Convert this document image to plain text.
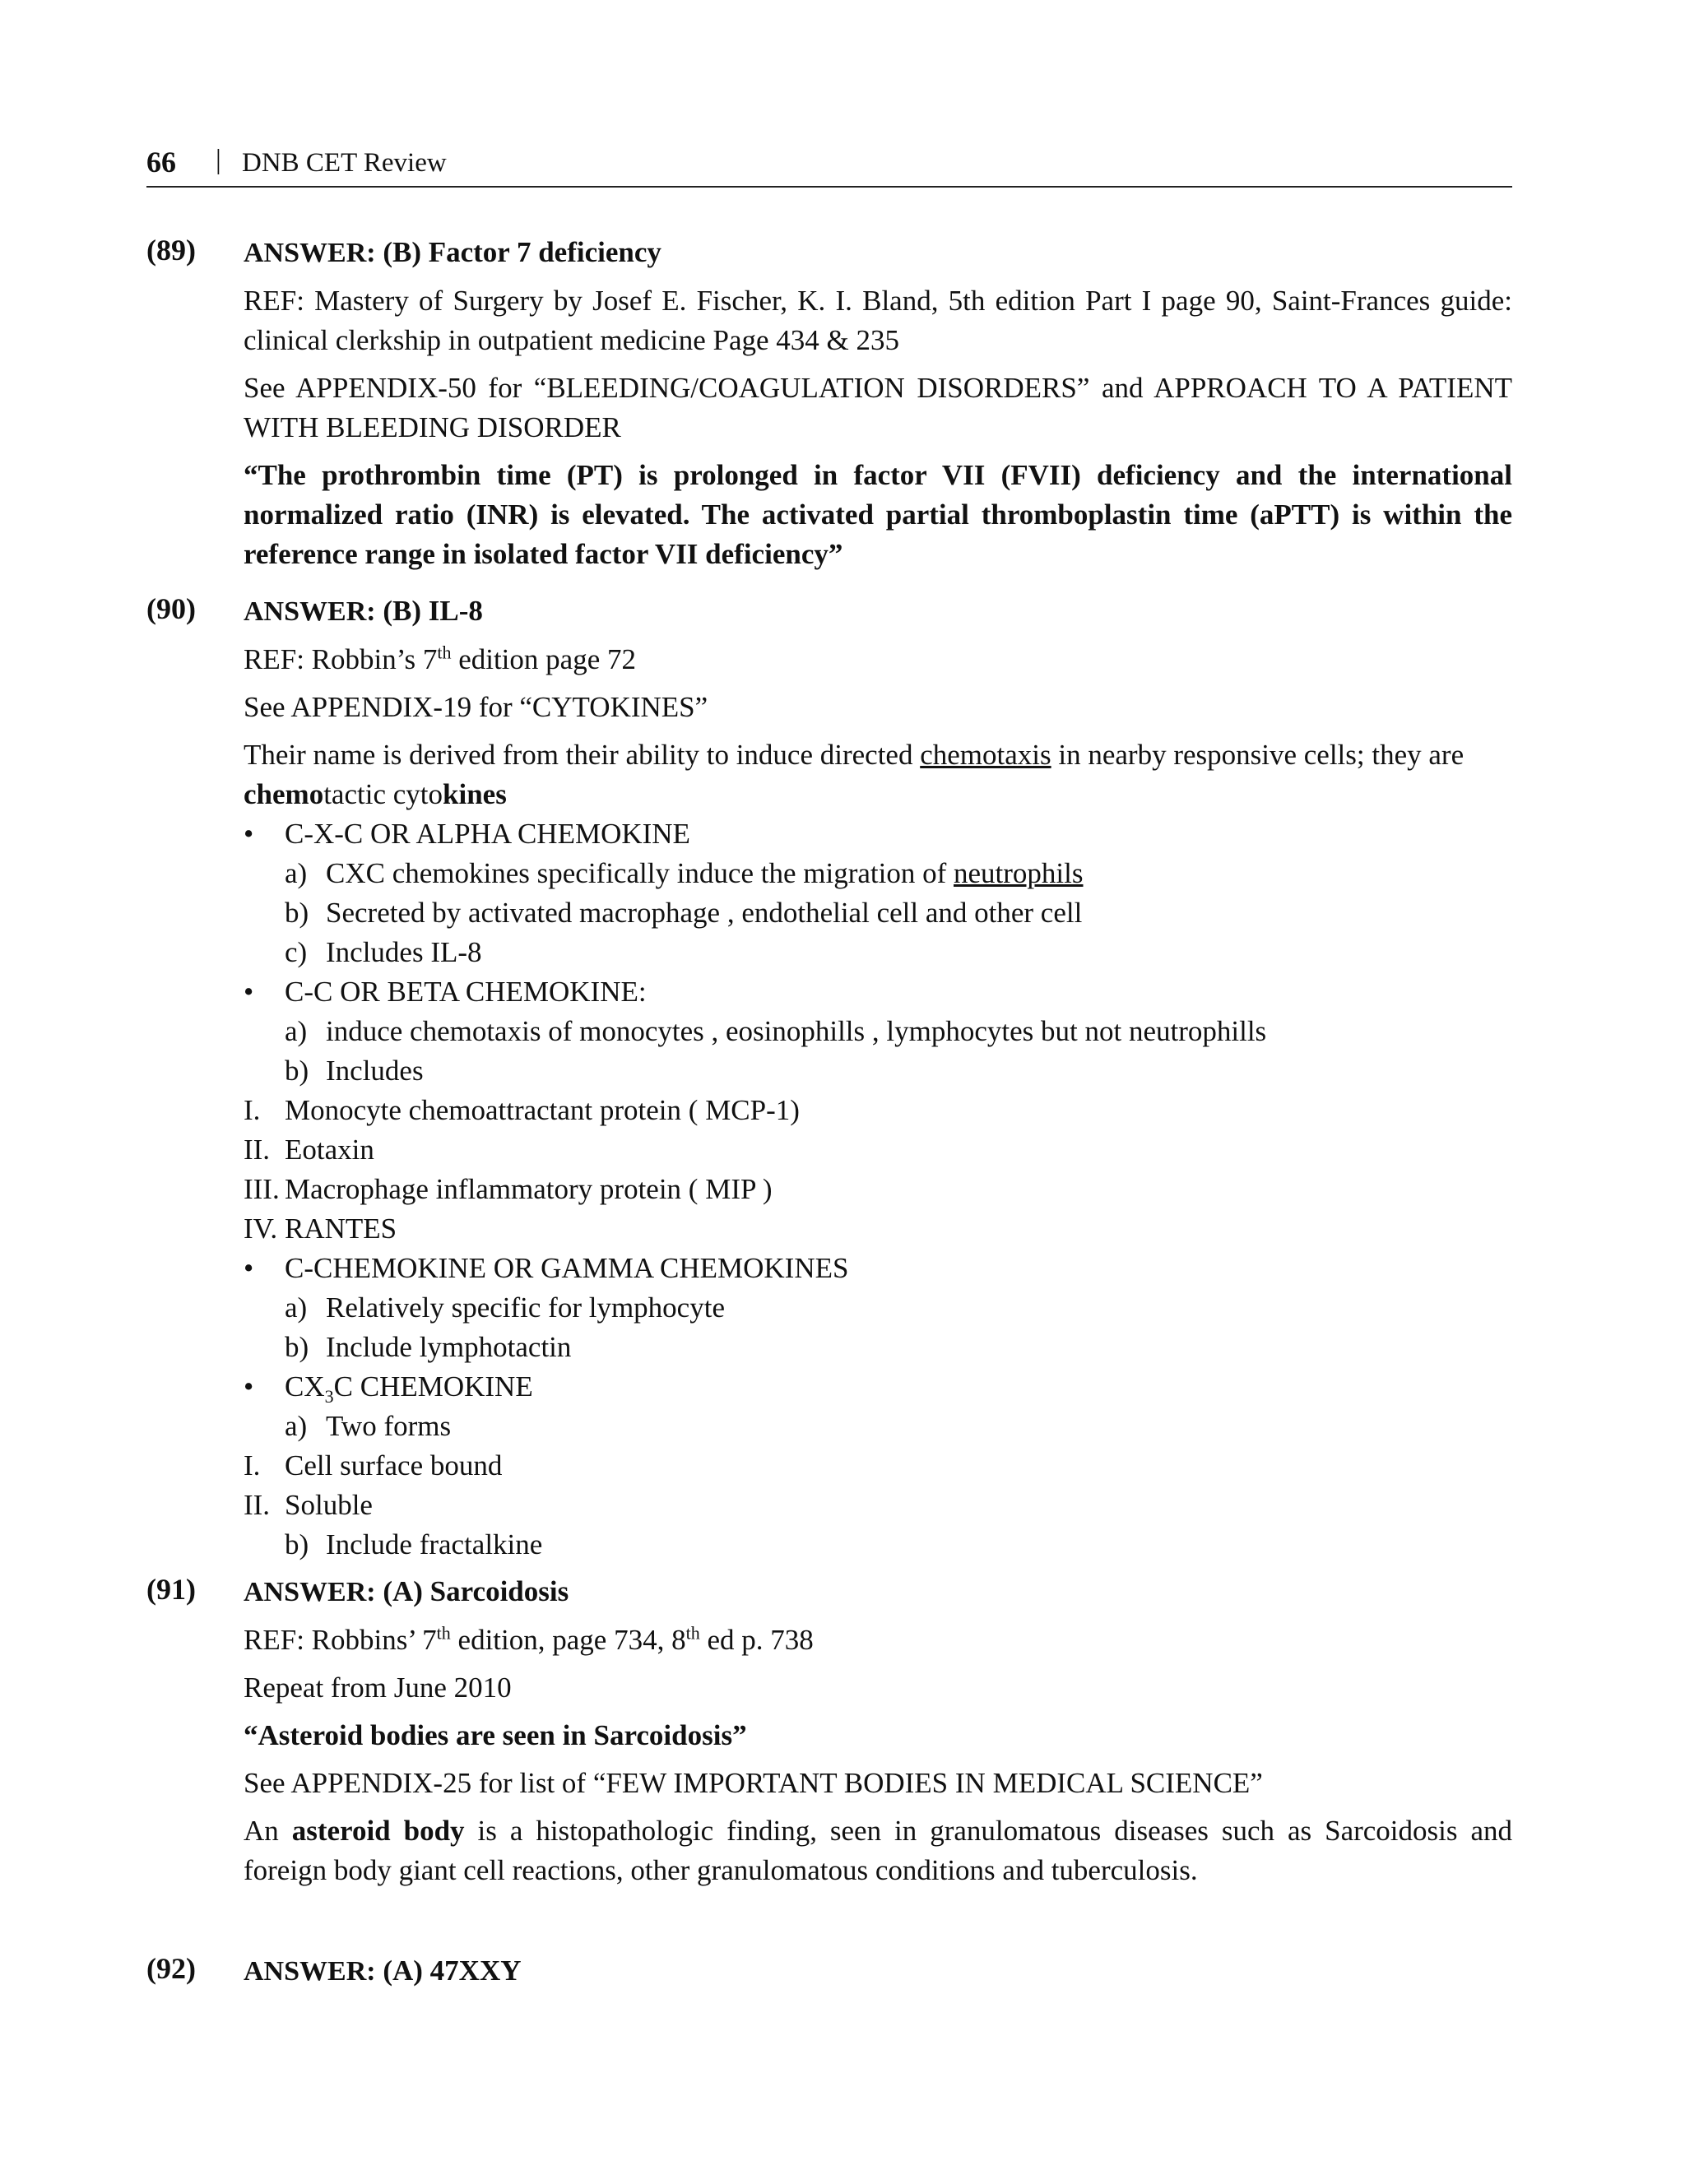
66 | DNB CET Review
(89) ANSWER: (B) Factor 7 deficiency

REF: Mastery of Surgery by Josef E. Fischer, K. I. Bland, 5th edition Part I page 90, Saint-Frances guide: clinical clerkship in outpatient medicine Page 434 & 235

See APPENDIX-50 for “BLEEDING/COAGULATION DISORDERS” and APPROACH TO A PATIENT WITH BLEEDING DISORDER

“The prothrombin time (PT) is prolonged in factor VII (FVII) deficiency and the international normalized ratio (INR) is elevated. The activated partial thromboplastin time (aPTT) is within the reference range in isolated factor VII deficiency”

(90) ANSWER: (B) IL-8

REF: Robbin’s 7th edition page 72

See APPENDIX-19 for “CYTOKINES”

Their name is derived from their ability to induce directed chemotaxis in nearby responsive cells; they are chemotactic cytokines

• C-X-C OR ALPHA CHEMOKINE

a) CXC chemokines specifically induce the migration of neutrophils

b) Secreted by activated macrophage , endothelial cell and other cell

c) Includes IL-8

• C-C OR BETA CHEMOKINE:

a) induce chemotaxis of monocytes , eosinophills , lymphocytes but not neutrophills

b) Includes

I. Monocyte chemoattractant protein ( MCP-1)

II. Eotaxin

III. Macrophage inflammatory protein ( MIP )

IV. RANTES

• C-CHEMOKINE OR GAMMA CHEMOKINES

a) Relatively specific for lymphocyte

b) Include lymphotactin

• $CX_3C$ CHEMOKINE

a) Two forms

I. Cell surface bound

II. Soluble

b) Include fractalkine

(91) ANSWER: (A) Sarcoidosis

REF: Robbins’ 7th edition, page 734, 8th ed p. 738

Repeat from June 2010

“Asteroid bodies are seen in Sarcoidosis”

See APPENDIX-25 for list of “FEW IMPORTANT BODIES IN MEDICAL SCIENCE”

An asteroid body is a histopathologic finding, seen in granulomatous diseases such as Sarcoidosis and foreign body giant cell reactions, other granulomatous conditions and tuberculosis.

(92) ANSWER: (A) 47XXY
